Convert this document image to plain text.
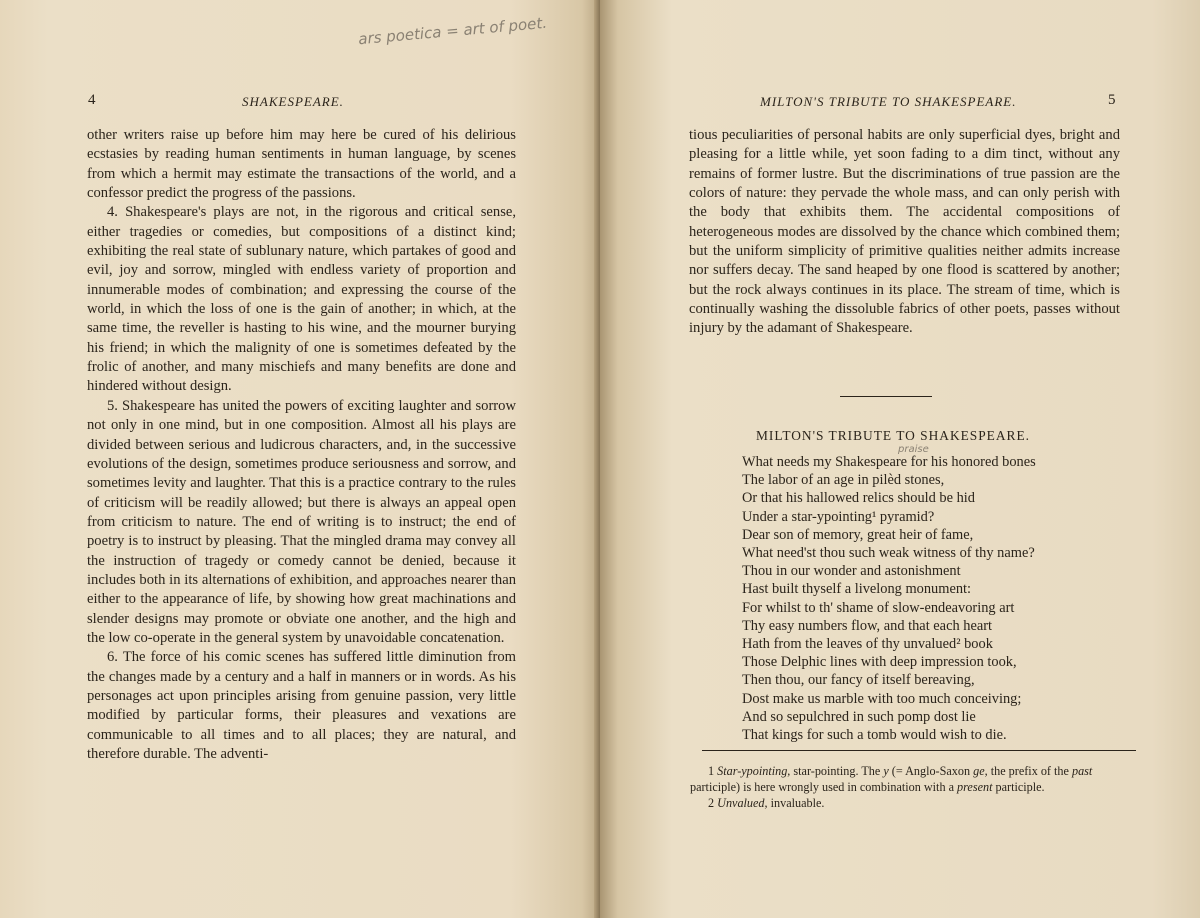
ars poetica = art of poet.
4	SHAKESPEARE.

other writers raise up before him may here be cured of his delirious ecstasies by reading human sentiments in human language, by scenes from which a hermit may estimate the transactions of the world, and a confessor predict the progress of the passions.

4. Shakespeare's plays are not, in the rigorous and critical sense, either tragedies or comedies, but compositions of a distinct kind; exhibiting the real state of sublunary nature, which partakes of good and evil, joy and sorrow, mingled with endless variety of proportion and innumerable modes of combination; and expressing the course of the world, in which the loss of one is the gain of another; in which, at the same time, the reveller is hasting to his wine, and the mourner burying his friend; in which the malignity of one is sometimes defeated by the frolic of another, and many mischiefs and many benefits are done and hindered without design.

5. Shakespeare has united the powers of exciting laughter and sorrow not only in one mind, but in one composition. Almost all his plays are divided between serious and ludicrous characters, and, in the successive evolutions of the design, sometimes produce seriousness and sorrow, and sometimes levity and laughter. That this is a practice contrary to the rules of criticism will be readily allowed; but there is always an appeal open from criticism to nature. The end of writing is to instruct; the end of poetry is to instruct by pleasing. That the mingled drama may convey all the instruction of tragedy or comedy cannot be denied, because it includes both in its alternations of exhibition, and approaches nearer than either to the appearance of life, by showing how great machinations and slender designs may promote or obviate one another, and the high and the low co-operate in the general system by unavoidable concatenation.

6. The force of his comic scenes has suffered little diminution from the changes made by a century and a half in manners or in words. As his personages act upon principles arising from genuine passion, very little modified by particular forms, their pleasures and vexations are communicable to all times and to all places; they are natural, and therefore durable. The adventi-

MILTON'S TRIBUTE TO SHAKESPEARE.	5

tious peculiarities of personal habits are only superficial dyes, bright and pleasing for a little while, yet soon fading to a dim tinct, without any remains of former lustre. But the discriminations of true passion are the colors of nature: they pervade the whole mass, and can only perish with the body that exhibits them. The accidental compositions of heterogeneous modes are dissolved by the chance which combined them; but the uniform simplicity of primitive qualities neither admits increase nor suffers decay. The sand heaped by one flood is scattered by another; but the rock always continues in its place. The stream of time, which is continually washing the dissoluble fabrics of other poets, passes without injury by the adamant of Shakespeare.

praise
MILTON'S TRIBUTE TO SHAKESPEARE.
What needs my Shakespeare for his honored bones
The labor of an age in pilèd stones,
Or that his hallowed relics should be hid
Under a star-ypointing¹ pyramid?
Dear son of memory, great heir of fame,
What need'st thou such weak witness of thy name?
Thou in our wonder and astonishment
Hast built thyself a livelong monument:
For whilst to th' shame of slow-endeavoring art
Thy easy numbers flow, and that each heart
Hath from the leaves of thy unvalued² book
Those Delphic lines with deep impression took,
Then thou, our fancy of itself bereaving,
Dost make us marble with too much conceiving;
And so sepulchred in such pomp dost lie
That kings for such a tomb would wish to die.

1 Star-ypointing, star-pointing. The y (= Anglo-Saxon ge, the prefix of the past participle) is here wrongly used in combination with a present participle.

2 Unvalued, invaluable.
